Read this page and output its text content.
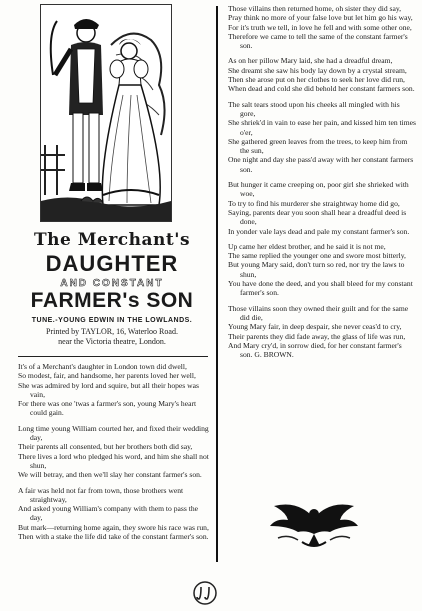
The Merchant's
DAUGHTER
AND CONSTANT
FARMER's SON
TUNE.-YOUNG EDWIN IN THE LOWLANDS.
Printed by TAYLOR, 16, Waterloo Road.
near the Victoria theatre, London.
It's of a Merchant's daughter in London town did dwell,
So modest, fair, and handsome, her parents loved her well,
She was admired by lord and squire, but all their hopes was vain,
For there was one 'twas a farmer's son, young Mary's heart could gain.
Long time young William courted her, and fixed their wedding day,
Their parents all consented, but her brothers both did say,
There lives a lord who pledged his word, and him she shall not shun,
We will betray, and then we'll slay her constant farmer's son.
A fair was held not far from town, those brothers went straightway,
And asked young William's company with them to pass the day,
But mark—returning home again, they swore his race was run,
Then with a stake the life did take of the constant farmer's son.
Those villains then returned home, oh sister they did say,
Pray think no more of your false love but let him go his way,
For it's truth we tell, in love he fell and with some other one,
Therefore we came to tell the same of the constant farmer's son.
As on her pillow Mary laid, she had a dreadful dream,
She dreamt she saw his body lay down by a crystal stream,
Then she arose put on her clothes to seek her love did run,
When dead and cold she did behold her constant farmers son.
The salt tears stood upon his cheeks all mingled with his gore,
She shriek'd in vain to ease her pain, and kissed him ten times o'er,
She gathered green leaves from the trees, to keep him from the sun,
One night and day she pass'd away with her constant farmers son.
But hunger it came creeping on, poor girl she shrieked with woe,
To try to find his murderer she straightway home did go,
Saying, parents dear you soon shall hear a dreadful deed is done,
In yonder vale lays dead and pale my constant farmer's son.
Up came her eldest brother, and he said it is not me,
The same replied the younger one and swore most bitterly,
But young Mary said, don't turn so red, nor try the laws to shun,
You have done the deed, and you shall bleed for my constant farmer's son.
Those villains soon they owned their guilt and for the same did die,
Young Mary fair, in deep despair, she never ceas'd to cry,
Their parents they did fade away, the glass of life was run,
And Mary cry'd, in sorrow died, for her constant farmer's son. G. BROWN.
